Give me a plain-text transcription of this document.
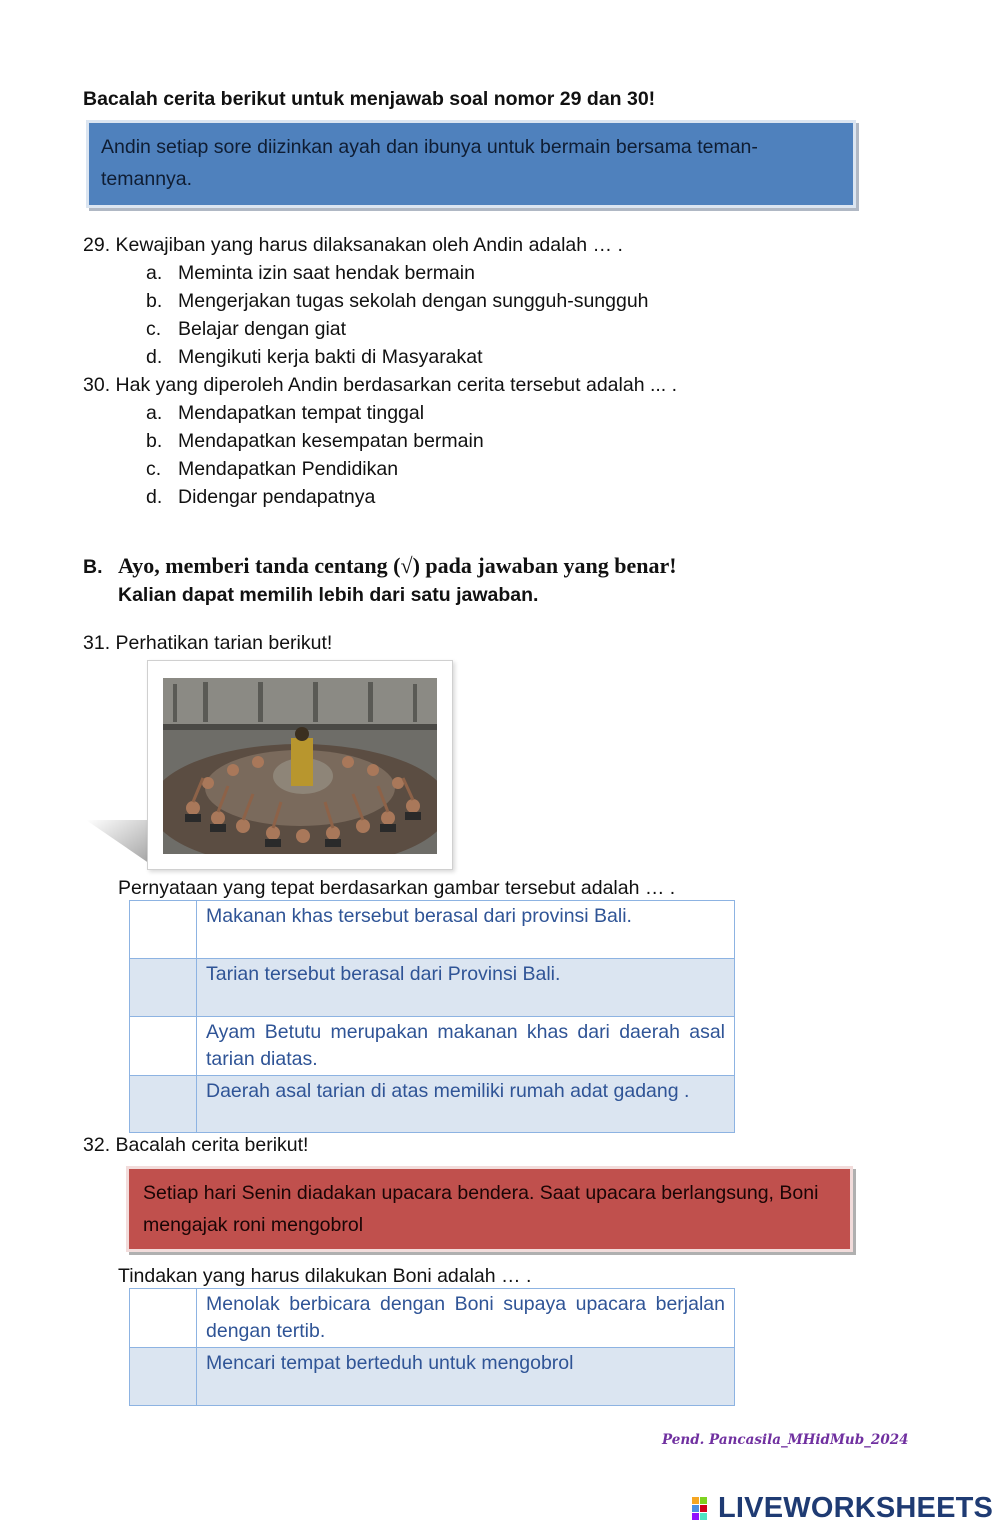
Bacalah cerita berikut untuk menjawab soal nomor 29 dan 30!
Andin setiap sore diizinkan ayah dan ibunya untuk bermain bersama teman-temannya.
29. Kewajiban yang harus dilaksanakan oleh Andin adalah … .
a. Meminta izin saat hendak bermain
b. Mengerjakan tugas sekolah dengan sungguh-sungguh
c. Belajar dengan giat
d. Mengikuti kerja bakti di Masyarakat
30. Hak yang diperoleh Andin berdasarkan cerita tersebut adalah ... .
a. Mendapatkan tempat tinggal
b. Mendapatkan kesempatan bermain
c. Mendapatkan Pendidikan
d. Didengar pendapatnya
B. Ayo, memberi tanda centang (√) pada jawaban yang benar!
Kalian dapat memilih lebih dari satu jawaban.
31. Perhatikan tarian berikut!
Pernyataan yang tepat berdasarkan gambar tersebut adalah … .
	Makanan khas tersebut berasal dari provinsi Bali.
	Tarian tersebut berasal dari Provinsi Bali.
	Ayam Betutu merupakan makanan khas dari daerah asal tarian diatas.
	Daerah asal tarian di atas memiliki rumah adat gadang .
32. Bacalah cerita berikut!
Setiap hari Senin diadakan upacara bendera. Saat upacara berlangsung, Boni mengajak roni mengobrol
Tindakan yang harus dilakukan Boni adalah … .
	Menolak berbicara dengan Boni supaya upacara berjalan dengan tertib.
	Mencari tempat berteduh untuk mengobrol
Pend. Pancasila_MHidMub_2024
LIVEWORKSHEETS
